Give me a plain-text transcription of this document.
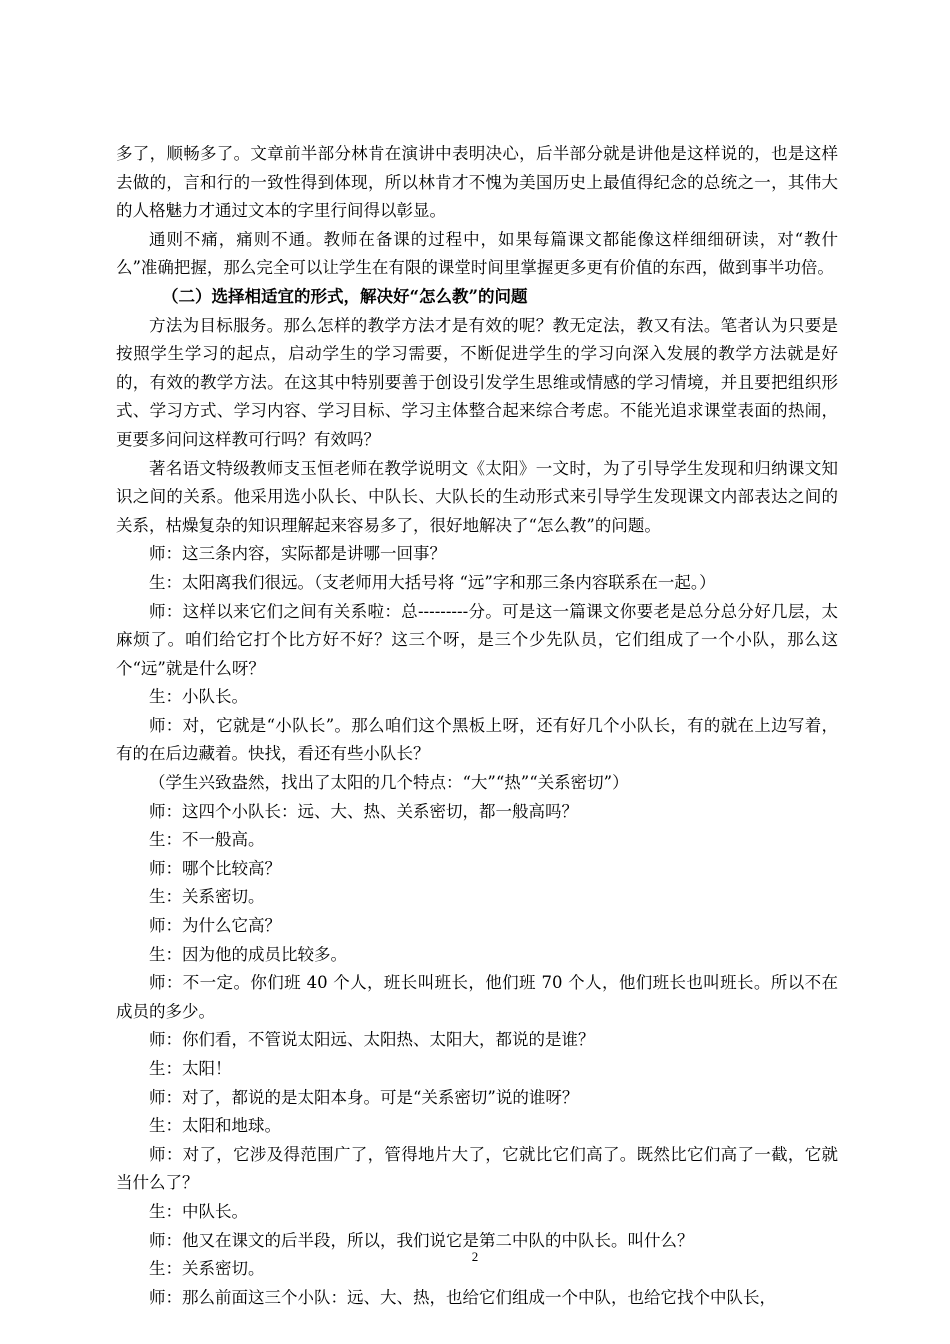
多了，顺畅多了。文章前半部分林肯在演讲中表明决心，后半部分就是讲他是这样说的，也是这样去做的，言和行的一致性得到体现，所以林肯才不愧为美国历史上最值得纪念的总统之一，其伟大的人格魅力才通过文本的字里行间得以彰显。

通则不痛，痛则不通。教师在备课的过程中，如果每篇课文都能像这样细细研读，对“教什么”准确把握，那么完全可以让学生在有限的课堂时间里掌握更多更有价值的东西，做到事半功倍。

（二）选择相适宜的形式，解决好“怎么教”的问题

方法为目标服务。那么怎样的教学方法才是有效的呢？教无定法，教又有法。笔者认为只要是按照学生学习的起点，启动学生的学习需要，不断促进学生的学习向深入发展的教学方法就是好的，有效的教学方法。在这其中特别要善于创设引发学生思维或情感的学习情境，并且要把组织形式、学习方式、学习内容、学习目标、学习主体整合起来综合考虑。不能光追求课堂表面的热闹，更要多问问这样教可行吗？有效吗？

著名语文特级教师支玉恒老师在教学说明文《太阳》一文时，为了引导学生发现和归纳课文知识之间的关系。他采用选小队长、中队长、大队长的生动形式来引导学生发现课文内部表达之间的关系，枯燥复杂的知识理解起来容易多了，很好地解决了“怎么教”的问题。

师：这三条内容，实际都是讲哪一回事？

生：太阳离我们很远。（支老师用大括号将 “远”字和那三条内容联系在一起。）

师：这样以来它们之间有关系啦：总---------分。可是这一篇课文你要老是总分总分好几层，太麻烦了。咱们给它打个比方好不好？这三个呀，是三个少先队员，它们组成了一个小队，那么这个“远”就是什么呀？

生：小队长。

师：对，它就是“小队长”。那么咱们这个黑板上呀，还有好几个小队长，有的就在上边写着，有的在后边藏着。快找，看还有些小队长？

（学生兴致盎然，找出了太阳的几个特点：“大”“热”“关系密切”）

师：这四个小队长：远、大、热、关系密切，都一般高吗？

生：不一般高。

师：哪个比较高？

生：关系密切。

师：为什么它高？

生：因为他的成员比较多。

师：不一定。你们班 40 个人，班长叫班长，他们班 70 个人，他们班长也叫班长。所以不在成员的多少。

师：你们看，不管说太阳远、太阳热、太阳大，都说的是谁？

生：太阳！

师：对了，都说的是太阳本身。可是“关系密切”说的谁呀？

生：太阳和地球。

师：对了，它涉及得范围广了，管得地片大了，它就比它们高了。既然比它们高了一截，它就当什么了？

生：中队长。

师：他又在课文的后半段，所以，我们说它是第二中队的中队长。叫什么？

生：关系密切。

师：那么前面这三个小队：远、大、热，也给它们组成一个中队，也给它找个中队长，

2
